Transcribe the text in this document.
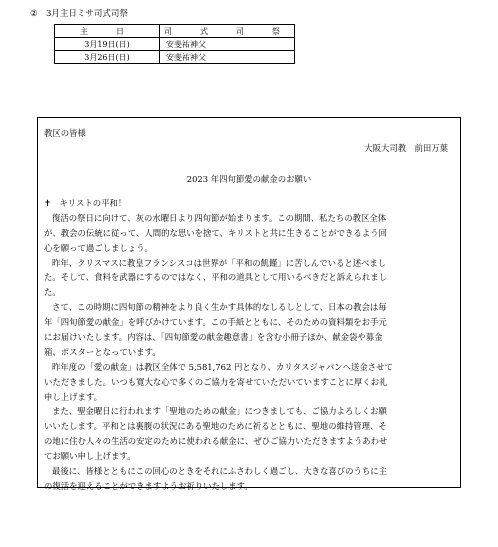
② 3月主日ミサ司式司祭
主　日	司　式　司　祭
3月19日(日)	安斐祐神父
3月26日(日)	安斐祐神父
教区の皆様
大阪大司教　前田万葉
2023 年四旬節愛の献金のお願い
✝　キリストの平和！
復活の祭日に向けて、灰の水曜日より四旬節が始まります。この期間、私たちの教区全体
が、教会の伝統に従って、人間的な思いを捨て、キリストと共に生きることができるよう回
心を願って過ごしましょう。
昨年、クリスマスに教皇フランシスコは世界が「平和の飢饉」に苦しんでいると述べまし
た。そして、食料を武器にするのではなく、平和の道具として用いるべきだと訴えられまし
た。
さて、この時期に四旬節の精神をより良く生かす具体的なしるしとして、日本の教会は毎
年「四旬節愛の献金」を呼びかけています。この手紙とともに、そのための資料類をお手元
にお届けいたします。内容は、「四旬節愛の献金趣意書」を含む小冊子ほか、献金袋や募金
箱、ポスターとなっています。
昨年度の「愛の献金」は教区全体で 5,581,762 円となり、カリタスジャパンへ送金させて
いただきました。いつも寛大な心で多くのご協力を寄せていただいていますことに厚くお礼
申し上げます。
また、聖金曜日に行われます「聖地のための献金」につきましても、ご協力よろしくお願
いいたします。平和とは裏腹の状況にある聖地のために祈るとともに、聖地の維持管理、そ
の地に住む人々の生活の安定のために使われる献金に、ぜひご協力いただきますようあわせ
てお願い申し上げます。
最後に、皆様とともにこの回心のときをそれにふさわしく過ごし、大きな喜びのうちに主
の復活を迎えることができますようお祈りいたします。
